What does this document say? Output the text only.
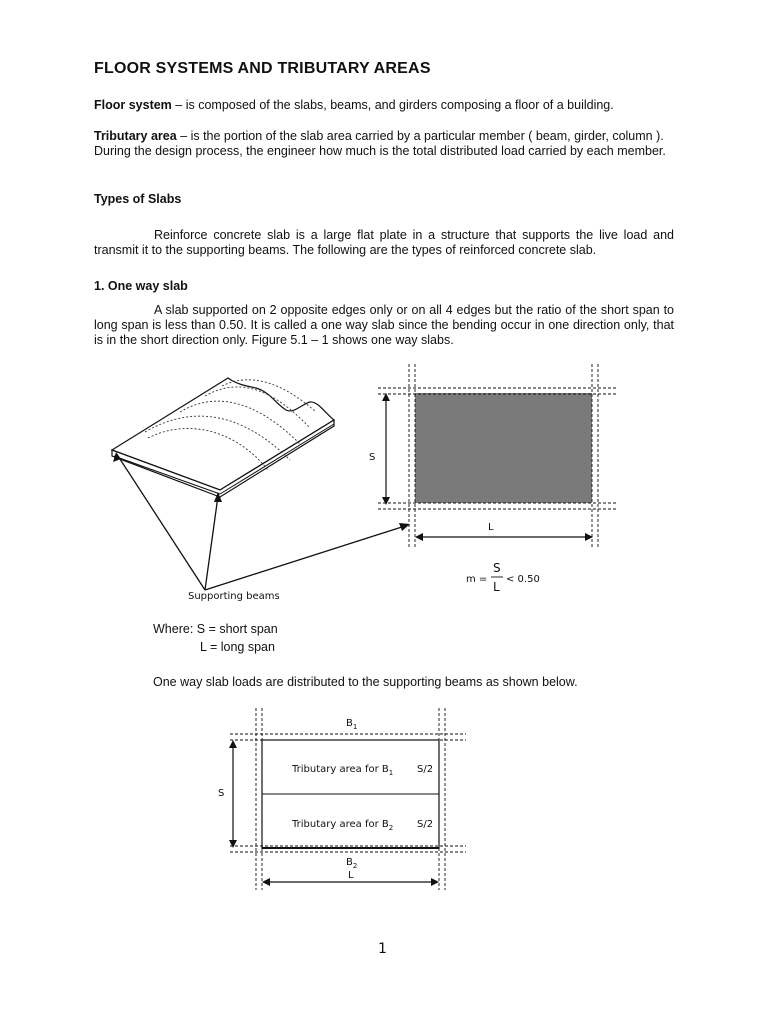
FLOOR SYSTEMS AND TRIBUTARY AREAS
Floor system – is composed of the slabs, beams, and girders composing a floor of a building.
Tributary area – is the portion of the slab area carried by a particular member ( beam, girder, column ). During the design process, the engineer how much is the total distributed load carried by each member.
Types of Slabs
Reinforce concrete slab is a large flat plate in a structure that supports the live load and transmit it to the supporting beams. The following are the types of reinforced concrete slab.
1. One way slab
A slab supported on 2 opposite edges only or on all 4 edges but the ratio of the short span to long span is less than 0.50. It is called a one way slab since the bending occur in one direction only, that is in the short direction only. Figure 5.1 – 1 shows one way slabs.
Supporting beams
S
L
m =
S
L
< 0.50
Where: S = short span
L = long span
One way slab loads are distributed to the supporting beams as shown below.
$B_1$
$B_2$
L
S
Tributary area for $B_1$ S/2
Tributary area for $B_2$ S/2
1
